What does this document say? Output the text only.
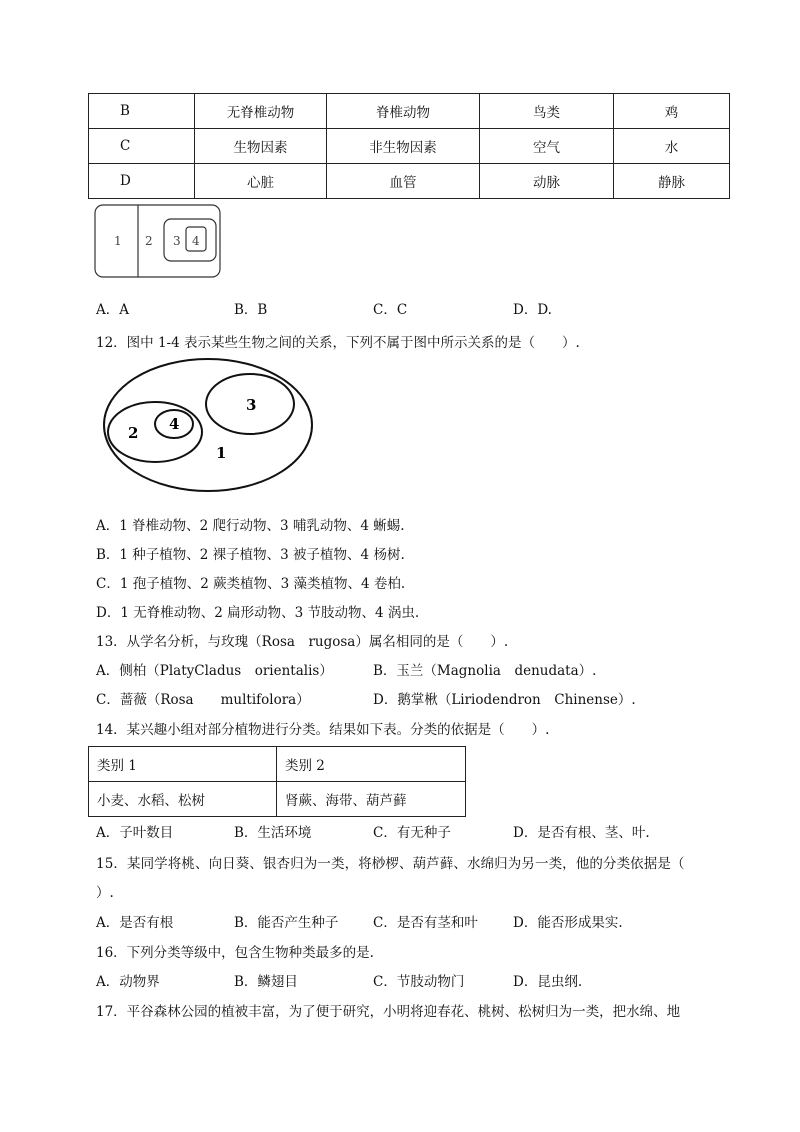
B	无脊椎动物	脊椎动物	鸟类	鸡
C	生物因素	非生物因素	空气	水
D	心脏	血管	动脉	静脉
1 2 3 4
A．A	B．B	C．C	D．D.
12．图中 1-4 表示某些生物之间的关系，下列不属于图中所示关系的是（　　）.
1
2
3
4
A．1 脊椎动物、2 爬行动物、3 哺乳动物、4 蜥蜴.
B．1 种子植物、2 裸子植物、3 被子植物、4 杨树.
C．1 孢子植物、2 蕨类植物、3 藻类植物、4 卷柏.
D．1 无脊椎动物、2 扁形动物、3 节肢动物、4 涡虫.
13．从学名分析，与玫瑰（Rosa　rugosa）属名相同的是（　　）.
A．侧柏（PlatyCladus　orientalis）	B．玉兰（Magnolia　denudata）.
C．蔷薇（Rosa　　multifolora）	D．鹅掌楸（Liriodendron　Chinense）.
14．某兴趣小组对部分植物进行分类。结果如下表。分类的依据是（　　）.
类别 1	类别 2
小麦、水稻、松树	肾蕨、海带、葫芦藓
A．子叶数目	B．生活环境	C．有无种子	D．是否有根、茎、叶.
15．某同学将桃、向日葵、银杏归为一类，将桫椤、葫芦藓、水绵归为另一类，他的分类依据是（
）.
A．是否有根	B．能否产生种子	C．是否有茎和叶	D．能否形成果实.
16．下列分类等级中，包含生物种类最多的是.
A．动物界	B．鳞翅目	C．节肢动物门	D．昆虫纲.
17．平谷森林公园的植被丰富，为了便于研究，小明将迎春花、桃树、松树归为一类，把水绵、地
